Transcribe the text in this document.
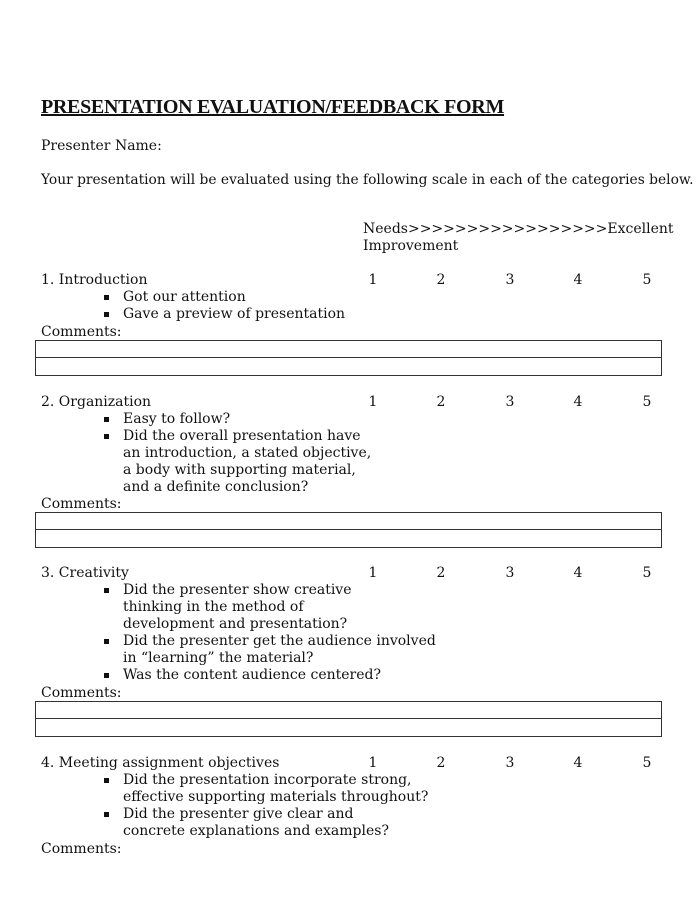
PRESENTATION EVALUATION/FEEDBACK FORM
Presenter Name:
Your presentation will be evaluated using the following scale in each of the categories below.
Needs>>>>>>>>>>>>>>>>>Excellent
Improvement
1. Introduction	1	2	3	4	5
Got our attention
Gave a preview of presentation
Comments:
2. Organization	1	2	3	4	5
Easy to follow?
Did the overall presentation have
an introduction, a stated objective,
a body with supporting material,
and a definite conclusion?
Comments:
3. Creativity	1	2	3	4	5
Did the presenter show creative
thinking in the method of
development and presentation?
Did the presenter get the audience involved
in “learning” the material?
Was the content audience centered?
Comments:
4. Meeting assignment objectives	1	2	3	4	5
Did the presentation incorporate strong,
effective supporting materials throughout?
Did the presenter give clear and
concrete explanations and examples?
Comments:
